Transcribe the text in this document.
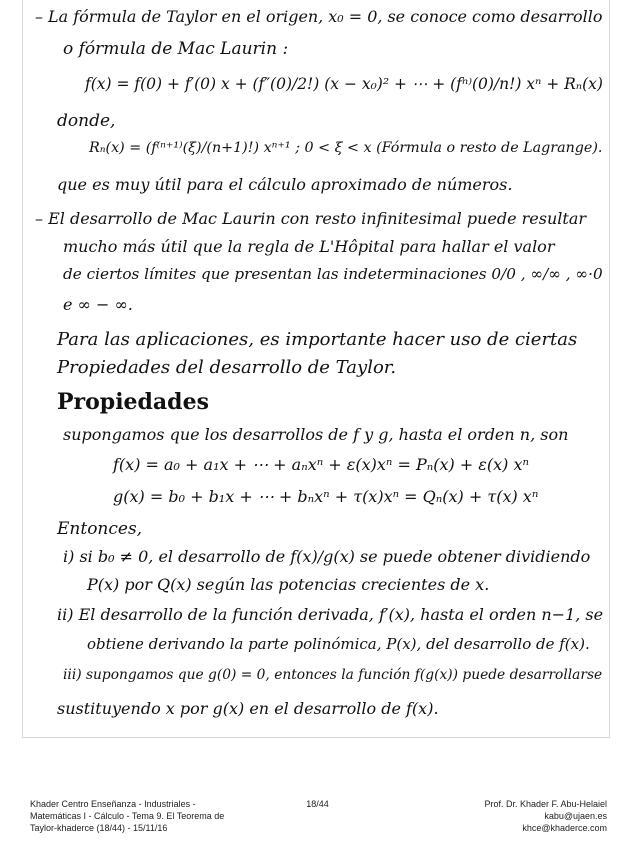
– La fórmula de Taylor en el origen, x₀ = 0, se conoce como desarrollo
o fórmula de Mac Laurin :
f(x) = f(0) + f′(0) x + (f″(0)/2!) (x − x₀)² + ⋯ + (fⁿ⁾(0)/n!) xⁿ + Rₙ(x)
donde,
Rₙ(x) = (f⁽ⁿ⁺¹⁾(ξ)/(n+1)!) xⁿ⁺¹ ; 0 < ξ < x (Fórmula o resto de Lagrange).
que es muy útil para el cálculo aproximado de números.
– El desarrollo de Mac Laurin con resto infinitesimal puede resultar
mucho más útil que la regla de L'Hôpital para hallar el valor
de ciertos límites que presentan las indeterminaciones 0/0 , ∞/∞ , ∞·0
e ∞ − ∞.
Para las aplicaciones, es importante hacer uso de ciertas
Propiedades del desarrollo de Taylor.
Propiedades
supongamos que los desarrollos de f y g, hasta el orden n, son
f(x) = a₀ + a₁x + ⋯ + aₙxⁿ + ε(x)xⁿ = Pₙ(x) + ε(x) xⁿ
g(x) = b₀ + b₁x + ⋯ + bₙxⁿ + τ(x)xⁿ = Qₙ(x) + τ(x) xⁿ
Entonces,
i) si b₀ ≠ 0, el desarrollo de f(x)/g(x) se puede obtener dividiendo
P(x) por Q(x) según las potencias crecientes de x.
ii) El desarrollo de la función derivada, f′(x), hasta el orden n−1, se
obtiene derivando la parte polinómica, P(x), del desarrollo de f(x).
iii) supongamos que g(0) = 0, entonces la función f(g(x)) puede desarrollarse
sustituyendo x por g(x) en el desarrollo de f(x).
Khader Centro Enseñanza - Industriales -
Matemáticas I - Cálculo - Tema 9. El Teorema de
Taylor-khaderce (18/44) - 15/11/16
18/44	Prof. Dr. Khader F. Abu-Helaiel
kabu@ujaen.es
khce@khaderce.com
